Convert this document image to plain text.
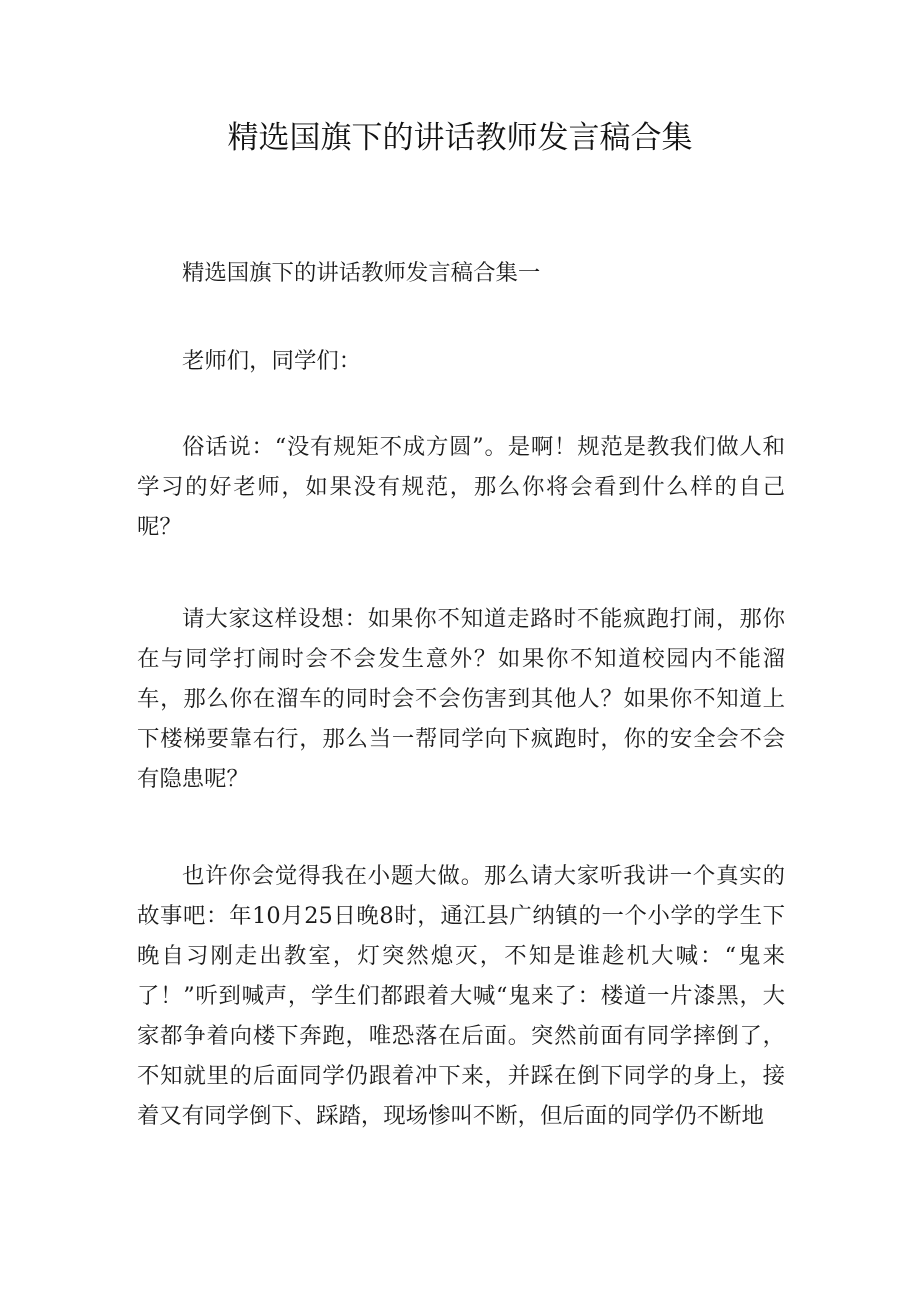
精选国旗下的讲话教师发言稿合集

精选国旗下的讲话教师发言稿合集一

老师们，同学们：

俗话说：“没有规矩不成方圆”。是啊！规范是教我们做人和学习的好老师，如果没有规范，那么你将会看到什么样的自己呢？

请大家这样设想：如果你不知道走路时不能疯跑打闹，那你在与同学打闹时会不会发生意外？如果你不知道校园内不能溜车，那么你在溜车的同时会不会伤害到其他人？如果你不知道上下楼梯要靠右行，那么当一帮同学向下疯跑时，你的安全会不会有隐患呢？

也许你会觉得我在小题大做。那么请大家听我讲一个真实的故事吧：年10月25日晚8时，通江县广纳镇的一个小学的学生下晚自习刚走出教室，灯突然熄灭，不知是谁趁机大喊：“鬼来了！”听到喊声，学生们都跟着大喊“鬼来了：楼道一片漆黑，大家都争着向楼下奔跑，唯恐落在后面。突然前面有同学摔倒了，不知就里的后面同学仍跟着冲下来，并踩在倒下同学的身上，接着又有同学倒下、踩踏，现场惨叫不断，但后面的同学仍不断地
